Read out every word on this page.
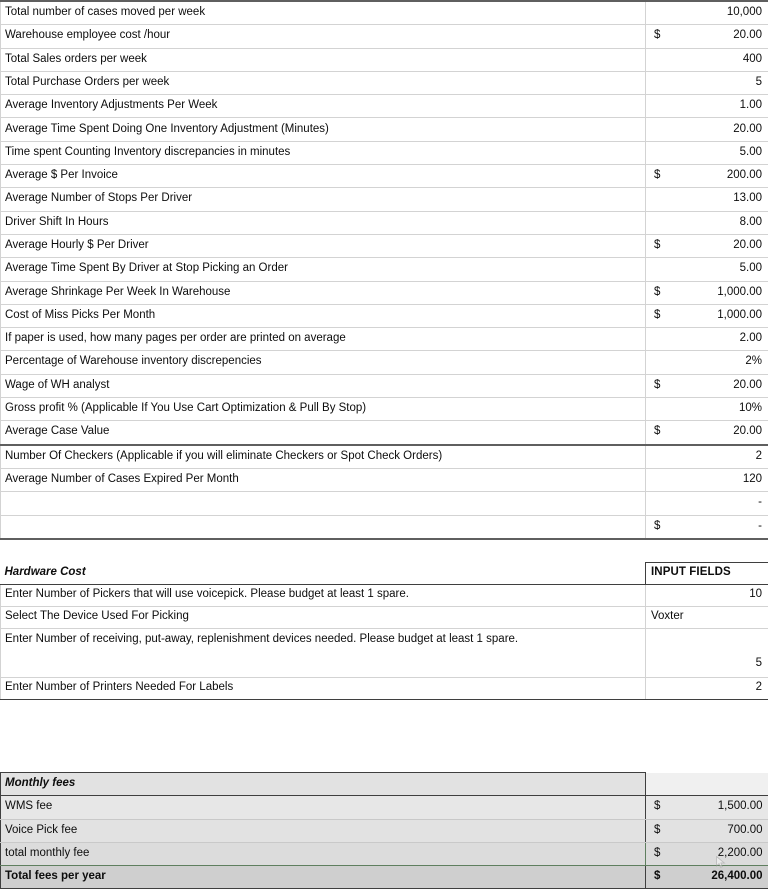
Total number of cases moved per week		10,000

Warehouse employee cost /hour	$	20.00

Total Sales orders per week		400

Total Purchase Orders per week		5

Average Inventory Adjustments Per Week		1.00

Average Time Spent Doing One Inventory Adjustment (Minutes)		20.00

Time spent Counting Inventory discrepancies in minutes		5.00

Average $ Per Invoice	$	200.00

Average Number of Stops Per Driver		13.00

Driver Shift In Hours		8.00

Average Hourly $ Per Driver	$	20.00

Average Time Spent By Driver at Stop Picking an Order		5.00

Average Shrinkage Per Week In Warehouse	$	1,000.00

Cost of Miss Picks Per Month	$	1,000.00

If paper is used, how many pages per order are printed on average		2.00

Percentage of Warehouse inventory discrepencies		2%

Wage of WH analyst	$	20.00

Gross profit % (Applicable If You Use Cart Optimization & Pull By Stop)		10%

Average Case Value	$	20.00

Number Of Checkers (Applicable if you will eliminate Checkers or Spot Check Orders)		2

Average Number of Cases Expired Per Month		120

		-

	$	-
Hardware Cost	INPUT FIELDS

Enter Number of Pickers that will use voicepick. Please budget at least 1 spare.	10

Select The Device Used For Picking	Voxter

Enter Number of receiving, put-away, replenishment devices needed. Please budget at least 1 spare.	5

Enter Number of Printers Needed For Labels	2
Monthly fees		

WMS fee	$	1,500.00

Voice Pick fee	$	700.00

total monthly fee	$	2,200.00

Total fees per year	$	26,400.00
